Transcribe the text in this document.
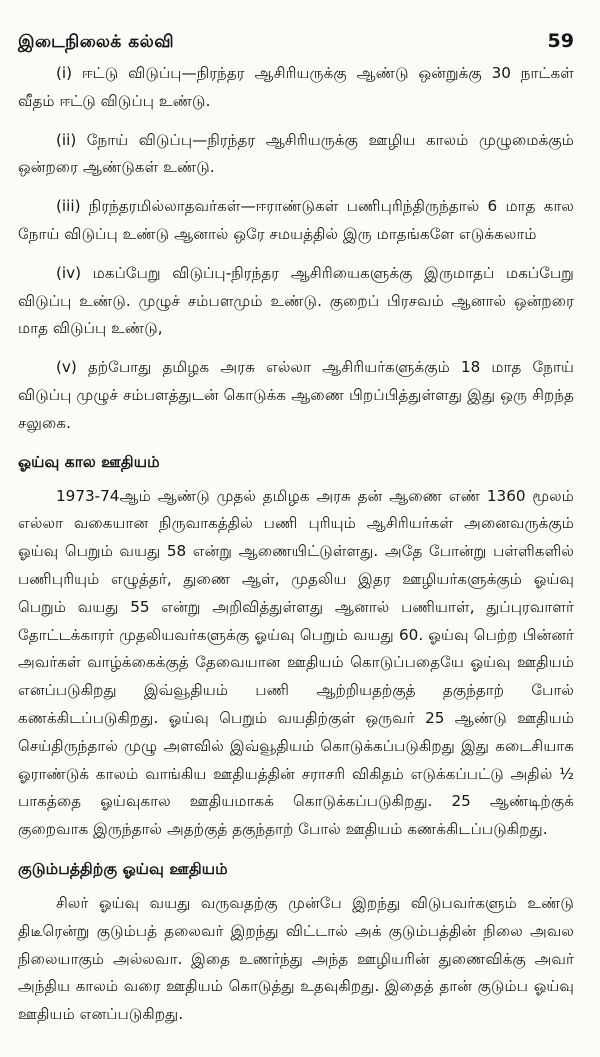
இடைநிலைக் கல்வி	59

(i) ஈட்டு விடுப்பு—நிரந்தர ஆசிரியருக்கு ஆண்டு ஒன்றுக்கு 30 நாட்கள் வீதம் ஈட்டு விடுப்பு உண்டு.

(ii) நோய் விடுப்பு—நிரந்தர ஆசிரியருக்கு ஊழிய காலம் முழுமைக்கும் ஒன்றரை ஆண்டுகள் உண்டு.

(iii) நிரந்தரமில்லாதவர்கள்—ஈராண்டுகள் பணிபுரிந்திருந்தால் 6 மாத கால நோய் விடுப்பு உண்டு ஆனால் ஒரே சமயத்தில் இரு மாதங்களே எடுக்கலாம்

(iv) மகப்பேறு விடுப்பு-நிரந்தர ஆசிரியைகளுக்கு இருமாதப் மகப்பேறு விடுப்பு உண்டு. முழுச் சம்பளமும் உண்டு. குறைப் பிரசவம் ஆனால் ஒன்றரை மாத விடுப்பு உண்டு,

(v) தற்போது தமிழக அரசு எல்லா ஆசிரியர்களுக்கும் 18 மாத நோய் விடுப்பு முழுச் சம்பளத்துடன் கொடுக்க ஆணை பிறப்பித்துள்ளது இது ஒரு சிறந்த சலுகை.

ஓய்வு கால ஊதியம்

1973-74ஆம் ஆண்டு முதல் தமிழக அரசு தன் ஆணை எண் 1360 மூலம் எல்லா வகையான நிருவாகத்தில் பணி புரியும் ஆசிரியர்கள் அனைவருக்கும் ஓய்வு பெறும் வயது 58 என்று ஆணையிட்டுள்ளது. அதே போன்று பள்ளிகளில் பணிபுரியும் எழுத்தர், துணை ஆள், முதலிய இதர ஊழியர்களுக்கும் ஓய்வு பெறும் வயது 55 என்று அறிவித்துள்ளது ஆனால் பணியாள், துப்புரவாளர் தோட்டக்காரர் முதலியவர்களுக்கு ஓய்வு பெறும் வயது 60. ஓய்வு பெற்ற பின்னர் அவர்கள் வாழ்க்கைக்குத் தேவையான ஊதியம் கொடுப்பதையே ஓய்வு ஊதியம் எனப்படுகிறது இவ்வூதியம் பணி ஆற்றியதற்குத் தகுந்தாற் போல் கணக்கிடப்படுகிறது. ஓய்வு பெறும் வயதிற்குள் ஒருவர் 25 ஆண்டு ஊதியம் செய்திருந்தால் முழு அளவில் இவ்வூதியம் கொடுக்கப்படுகிறது இது கடைசியாக ஓராண்டுக் காலம் வாங்கிய ஊதியத்தின் சராசரி விகிதம் எடுக்கப்பட்டு அதில் ½ பாகத்தை ஓய்வுகால ஊதியமாகக் கொடுக்கப்படுகிறது. 25 ஆண்டிற்குக் குறைவாக இருந்தால் அதற்குத் தகுந்தாற் போல் ஊதியம் கணக்கிடப்படுகிறது.

குடும்பத்திற்கு ஓய்வு ஊதியம்

சிலர் ஓய்வு வயது வருவதற்கு முன்பே இறந்து விடுபவர்களும் உண்டு திடீரென்று குடும்பத் தலைவர் இறந்து விட்டால் அக் குடும்பத்தின் நிலை அவல நிலையாகும் அல்லவா. இதை உணர்ந்து அந்த ஊழியரின் துணைவிக்கு அவர் அந்திய காலம் வரை ஊதியம் கொடுத்து உதவுகிறது. இதைத் தான் குடும்ப ஓய்வு ஊதியம் எனப்படுகிறது.
